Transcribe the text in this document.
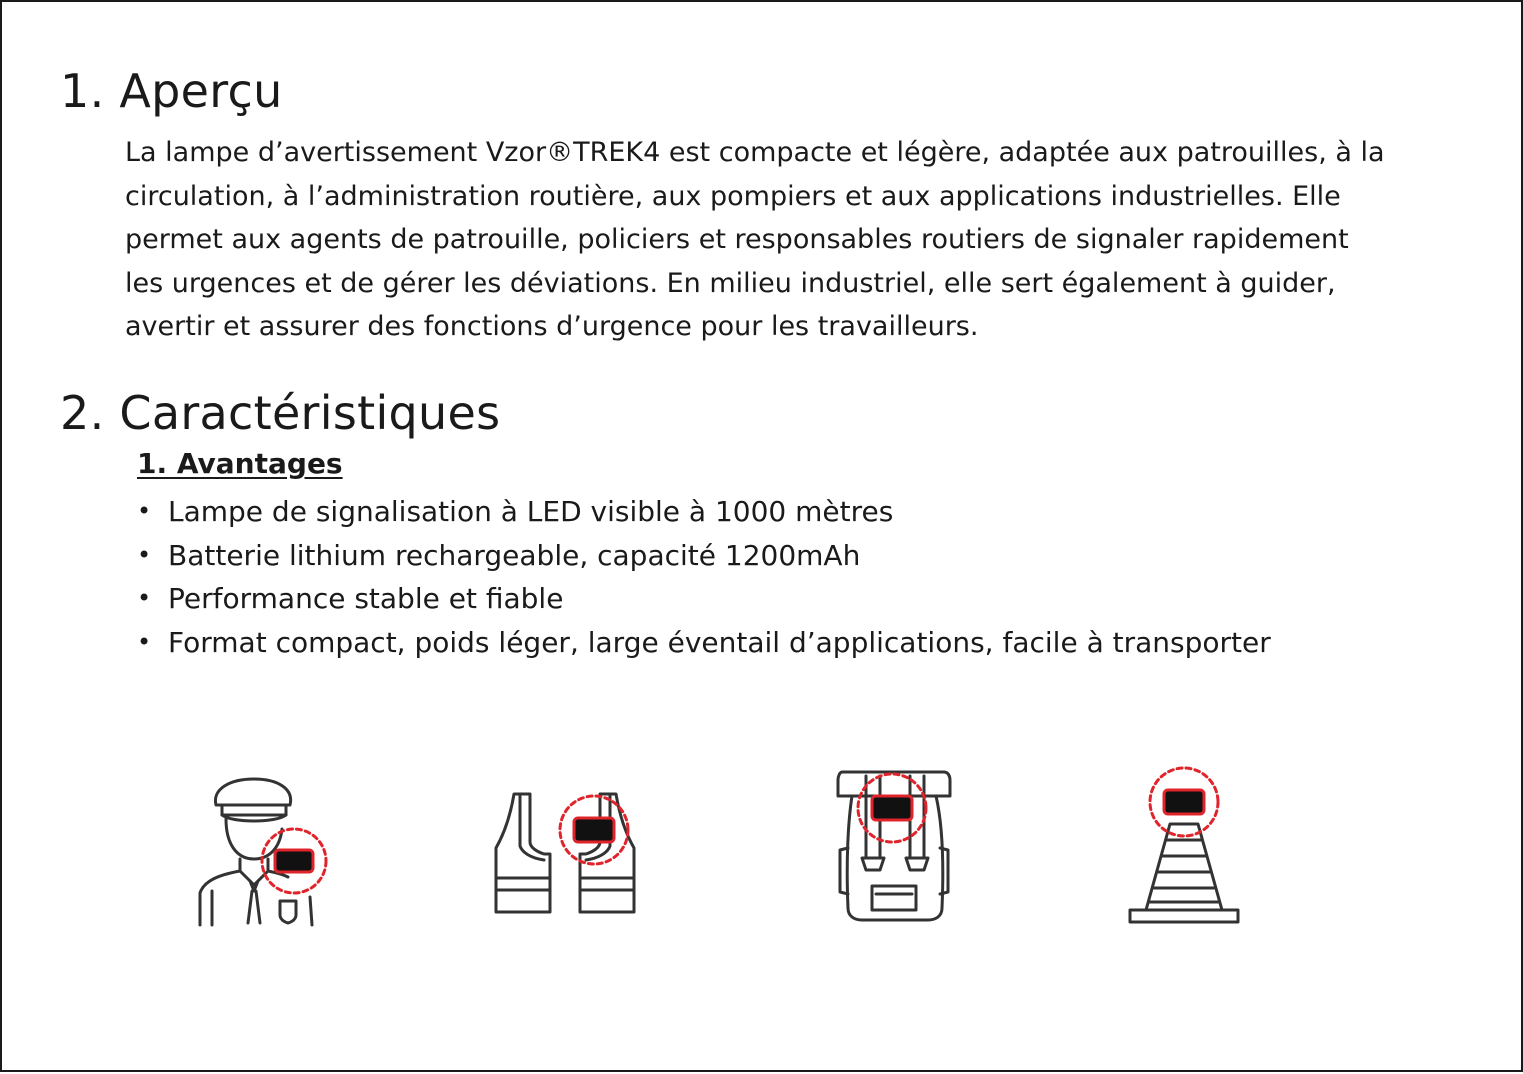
1. Aperçu

La lampe d’avertissement Vzor®TREK4 est compacte et légère, adaptée aux patrouilles, à la
circulation, à l’administration routière, aux pompiers et aux applications industrielles. Elle
permet aux agents de patrouille, policiers et responsables routiers de signaler rapidement
les urgences et de gérer les déviations. En milieu industriel, elle sert également à guider,
avertir et assurer des fonctions d’urgence pour les travailleurs.

2. Caractéristiques
1. Avantages
• Lampe de signalisation à LED visible à 1000 mètres
• Batterie lithium rechargeable, capacité 1200mAh
• Performance stable et fiable
• Format compact, poids léger, large éventail d’applications, facile à transporter
